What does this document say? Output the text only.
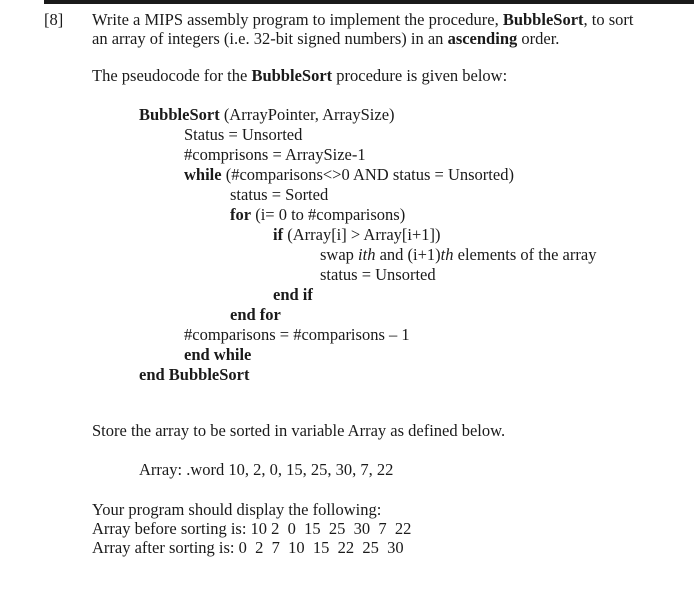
[8] Write a MIPS assembly program to implement the procedure, BubbleSort, to sort
an array of integers (i.e. 32-bit signed numbers) in an ascending order.
The pseudocode for the BubbleSort procedure is given below:
BubbleSort (ArrayPointer, ArraySize)
Status = Unsorted
#comprisons = ArraySize-1
while (#comparisons<>0 AND status = Unsorted)
status = Sorted
for (i= 0 to #comparisons)
if (Array[i] > Array[i+1])
swap ith and (i+1)th elements of the array
status = Unsorted
end if
end for
#comparisons = #comparisons – 1
end while
end BubbleSort
Store the array to be sorted in variable Array as defined below.
Array: .word 10, 2, 0, 15, 25, 30, 7, 22
Your program should display the following:
Array before sorting is: 10 2  0  15  25  30  7  22
Array after sorting is: 0  2  7  10  15  22  25  30
